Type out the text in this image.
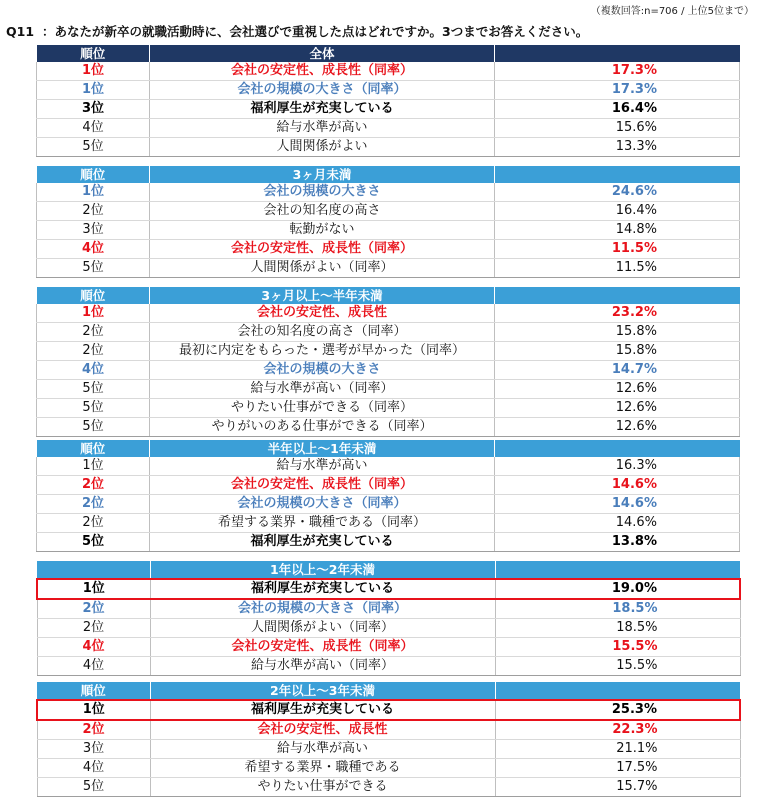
（複数回答:n=706 / 上位5位まで）
Q11 ：あなたが新卒の就職活動時に、会社選びで重視した点はどれですか。3つまでお答えください。
順位	全体	
1位	会社の安定性、成長性（同率）	17.3%
1位	会社の規模の大きさ（同率）	17.3%
3位	福利厚生が充実している	16.4%
4位	給与水準が高い	15.6%
5位	人間関係がよい	13.3%
順位	3ヶ月未満	
1位	会社の規模の大きさ	24.6%
2位	会社の知名度の高さ	16.4%
3位	転勤がない	14.8%
4位	会社の安定性、成長性（同率）	11.5%
5位	人間関係がよい（同率）	11.5%
順位	3ヶ月以上～半年未満	
1位	会社の安定性、成長性	23.2%
2位	会社の知名度の高さ（同率）	15.8%
2位	最初に内定をもらった・選考が早かった（同率）	15.8%
4位	会社の規模の大きさ	14.7%
5位	給与水準が高い（同率）	12.6%
5位	やりたい仕事ができる（同率）	12.6%
5位	やりがいのある仕事ができる（同率）	12.6%
順位	半年以上～1年未満	
1位	給与水準が高い	16.3%
2位	会社の安定性、成長性（同率）	14.6%
2位	会社の規模の大きさ（同率）	14.6%
2位	希望する業界・職種である（同率）	14.6%
5位	福利厚生が充実している	13.8%
	1年以上～2年未満	
1位	福利厚生が充実している	19.0%
2位	会社の規模の大きさ（同率）	18.5%
2位	人間関係がよい（同率）	18.5%
4位	会社の安定性、成長性（同率）	15.5%
4位	給与水準が高い（同率）	15.5%
順位	2年以上～3年未満	
1位	福利厚生が充実している	25.3%
2位	会社の安定性、成長性	22.3%
3位	給与水準が高い	21.1%
4位	希望する業界・職種である	17.5%
5位	やりたい仕事ができる	15.7%
